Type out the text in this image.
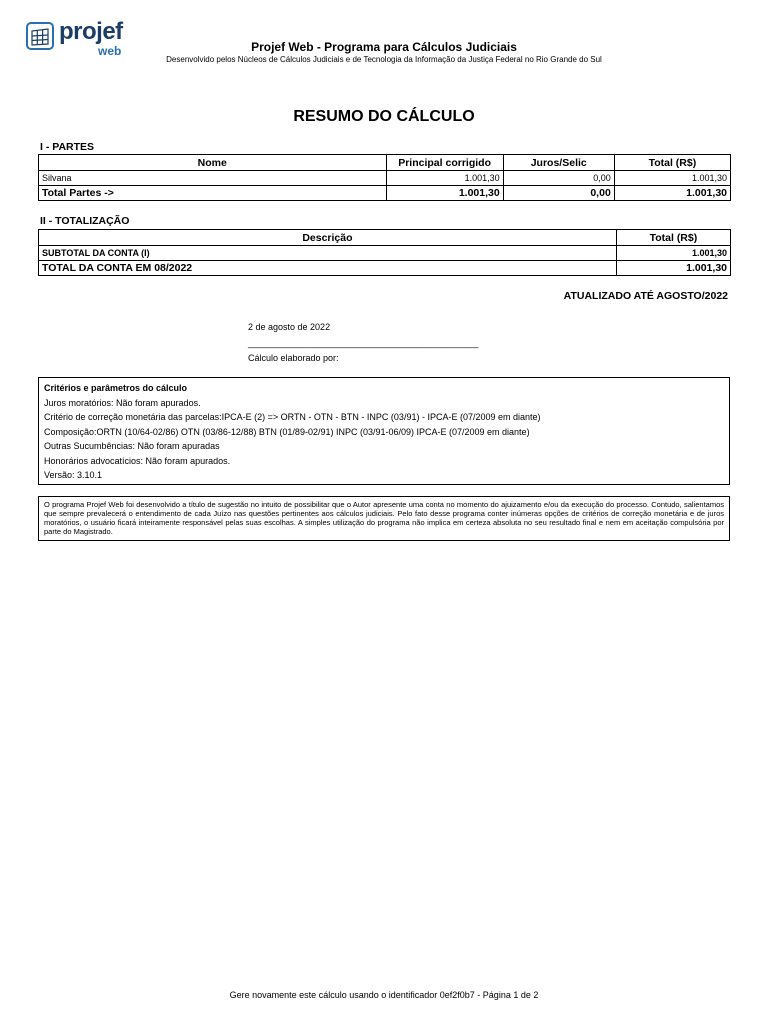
projef
web	Projef Web - Programa para Cálculos Judiciais
Desenvolvido pelos Núcleos de Cálculos Judiciais e de Tecnologia da Informação da Justiça Federal no Rio Grande do Sul
RESUMO DO CÁLCULO
I - PARTES
Nome	Principal corrigido	Juros/Selic	Total (R$)
Silvana	1.001,30	0,00	1.001,30
Total Partes ->	1.001,30	0,00	1.001,30
II - TOTALIZAÇÃO
Descrição	Total (R$)
SUBTOTAL DA CONTA (I)	1.001,30
TOTAL DA CONTA EM 08/2022	1.001,30
ATUALIZADO ATÉ AGOSTO/2022
2 de agosto de 2022
______________________________________________
Cálculo elaborado por:
Critérios e parâmetros do cálculo
Juros moratórios: Não foram apurados.
Critério de correção monetária das parcelas:IPCA-E (2) => ORTN - OTN - BTN - INPC (03/91) - IPCA-E (07/2009 em diante)
Composição:ORTN (10/64-02/86) OTN (03/86-12/88) BTN (01/89-02/91) INPC (03/91-06/09) IPCA-E (07/2009 em diante)
Outras Sucumbências: Não foram apuradas
Honorários advocatícios: Não foram apurados.
Versão: 3.10.1
O programa Projef Web foi desenvolvido a título de sugestão no intuito de possibilitar que o Autor apresente uma conta no momento do ajuizamento e/ou da execução do processo. Contudo, salientamos que sempre prevalecerá o entendimento de cada Juízo nas questões pertinentes aos cálculos judiciais. Pelo fato desse programa conter inúmeras opções de critérios de correção monetária e de juros moratórios, o usuário ficará inteiramente responsável pelas suas escolhas. A simples utilização do programa não implica em certeza absoluta no seu resultado final e nem em aceitação compulsória por parte do Magistrado.
Gere novamente este cálculo usando o identificador 0ef2f0b7 - Página 1 de 2
